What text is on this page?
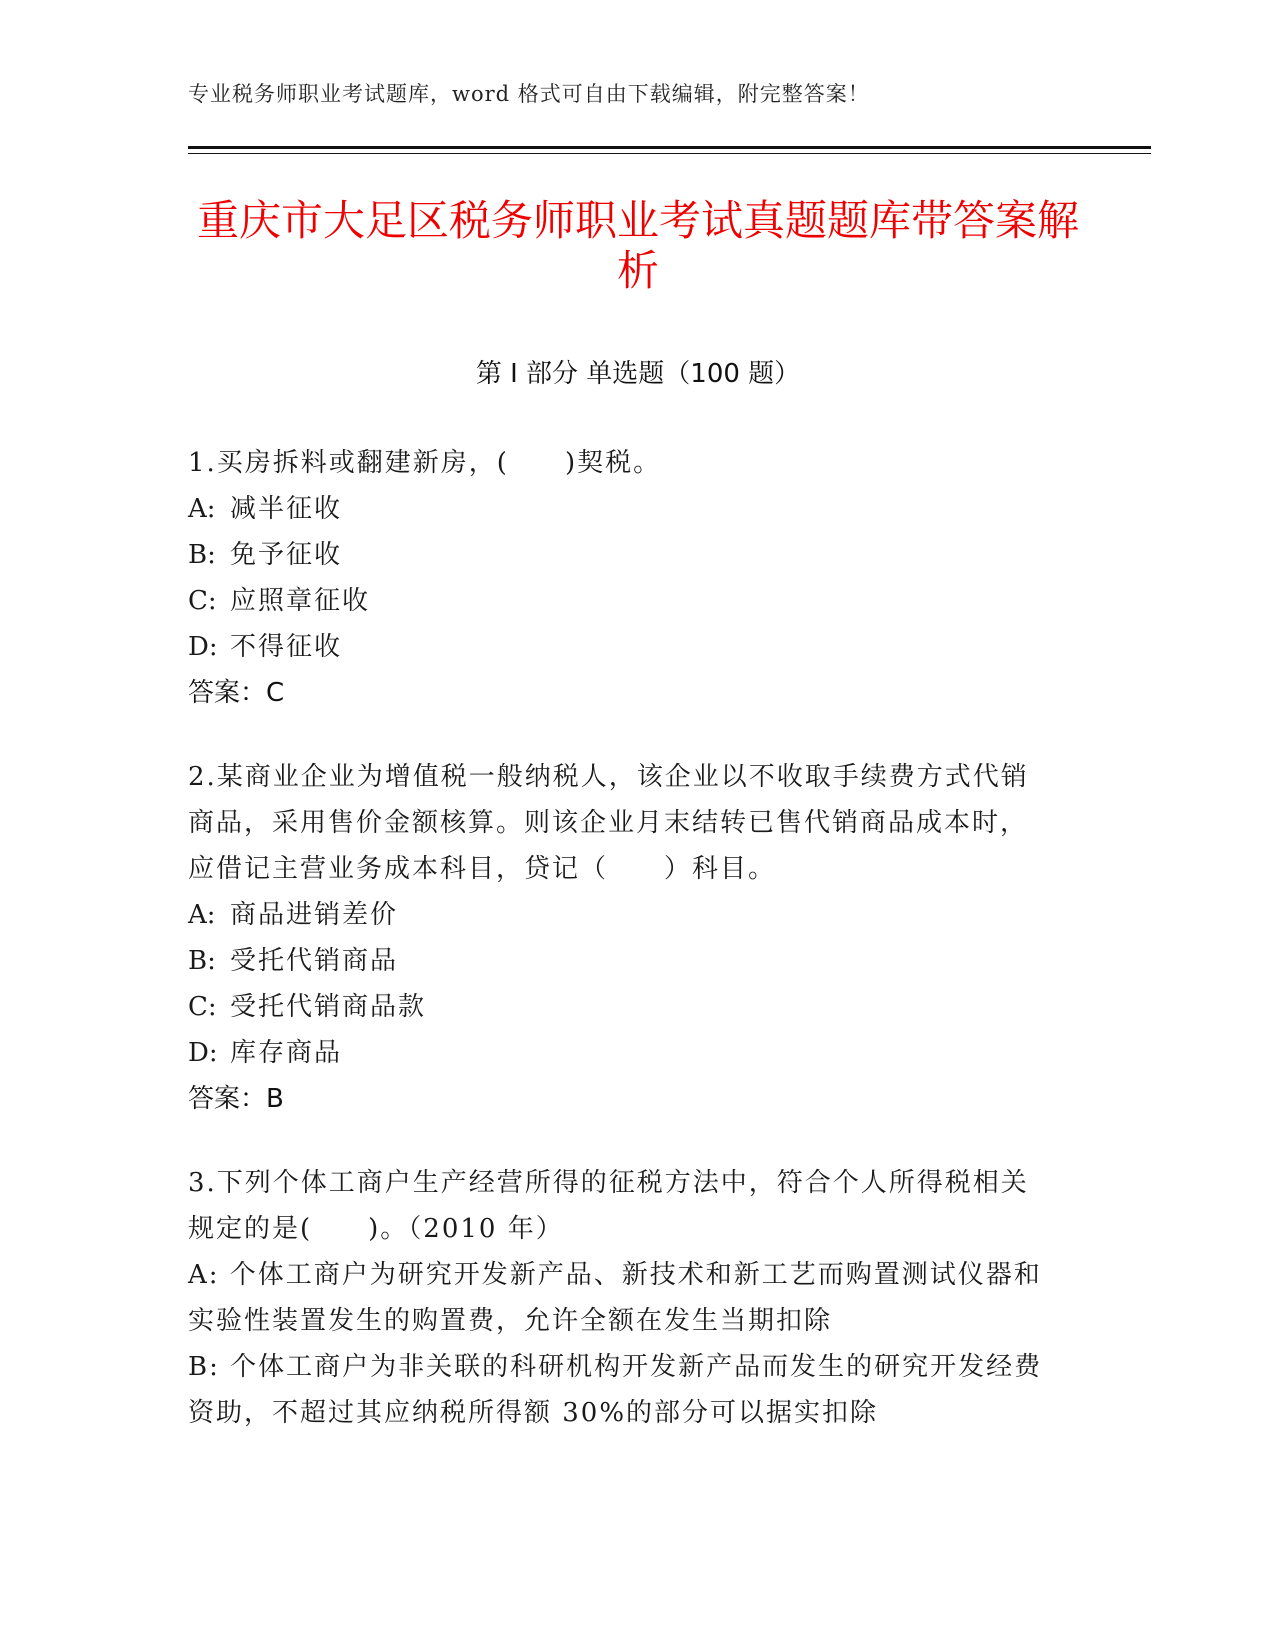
专业税务师职业考试题库，word 格式可自由下载编辑，附完整答案！
重庆市大足区税务师职业考试真题题库带答案解析
第 I 部分 单选题（100 题）
1.买房拆料或翻建新房，(　　)契税。
A: 减半征收
B: 免予征收
C: 应照章征收
D: 不得征收
答案：C
2.某商业企业为增值税一般纳税人，该企业以不收取手续费方式代销
商品，采用售价金额核算。则该企业月末结转已售代销商品成本时，
应借记主营业务成本科目，贷记（　　）科目。
A: 商品进销差价
B: 受托代销商品
C: 受托代销商品款
D: 库存商品
答案：B
3.下列个体工商户生产经营所得的征税方法中，符合个人所得税相关
规定的是(　　)。（2010 年）
A: 个体工商户为研究开发新产品、新技术和新工艺而购置测试仪器和
实验性装置发生的购置费，允许全额在发生当期扣除
B: 个体工商户为非关联的科研机构开发新产品而发生的研究开发经费
资助，不超过其应纳税所得额 30%的部分可以据实扣除
